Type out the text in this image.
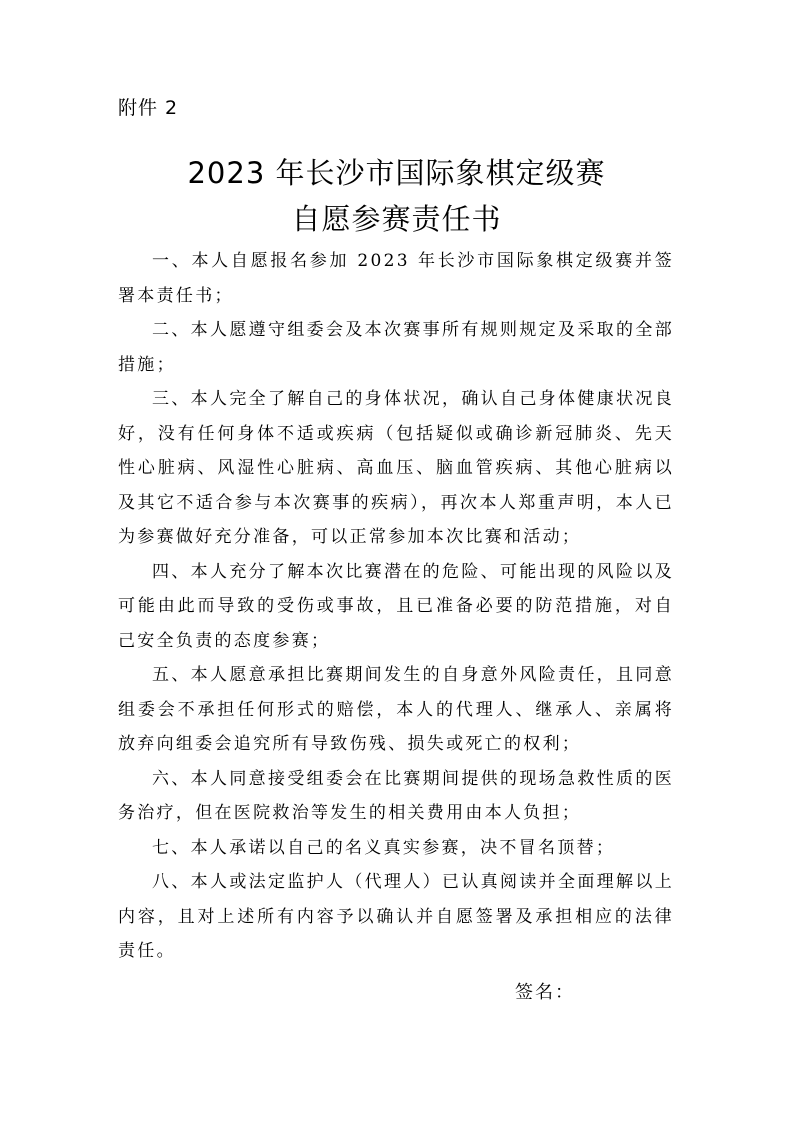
附件 2
2023 年长沙市国际象棋定级赛
自愿参赛责任书

一、本人自愿报名参加 2023 年长沙市国际象棋定级赛并签署本责任书；

二、本人愿遵守组委会及本次赛事所有规则规定及采取的全部措施；

三、本人完全了解自己的身体状况，确认自己身体健康状况良好，没有任何身体不适或疾病（包括疑似或确诊新冠肺炎、先天性心脏病、风湿性心脏病、高血压、脑血管疾病、其他心脏病以及其它不适合参与本次赛事的疾病），再次本人郑重声明，本人已为参赛做好充分准备，可以正常参加本次比赛和活动；

四、本人充分了解本次比赛潜在的危险、可能出现的风险以及可能由此而导致的受伤或事故，且已准备必要的防范措施，对自己安全负责的态度参赛；

五、本人愿意承担比赛期间发生的自身意外风险责任，且同意组委会不承担任何形式的赔偿，本人的代理人、继承人、亲属将放弃向组委会追究所有导致伤残、损失或死亡的权利；

六、本人同意接受组委会在比赛期间提供的现场急救性质的医务治疗，但在医院救治等发生的相关费用由本人负担；

七、本人承诺以自己的名义真实参赛，决不冒名顶替；

八、本人或法定监护人（代理人）已认真阅读并全面理解以上内容，且对上述所有内容予以确认并自愿签署及承担相应的法律责任。

签名：
